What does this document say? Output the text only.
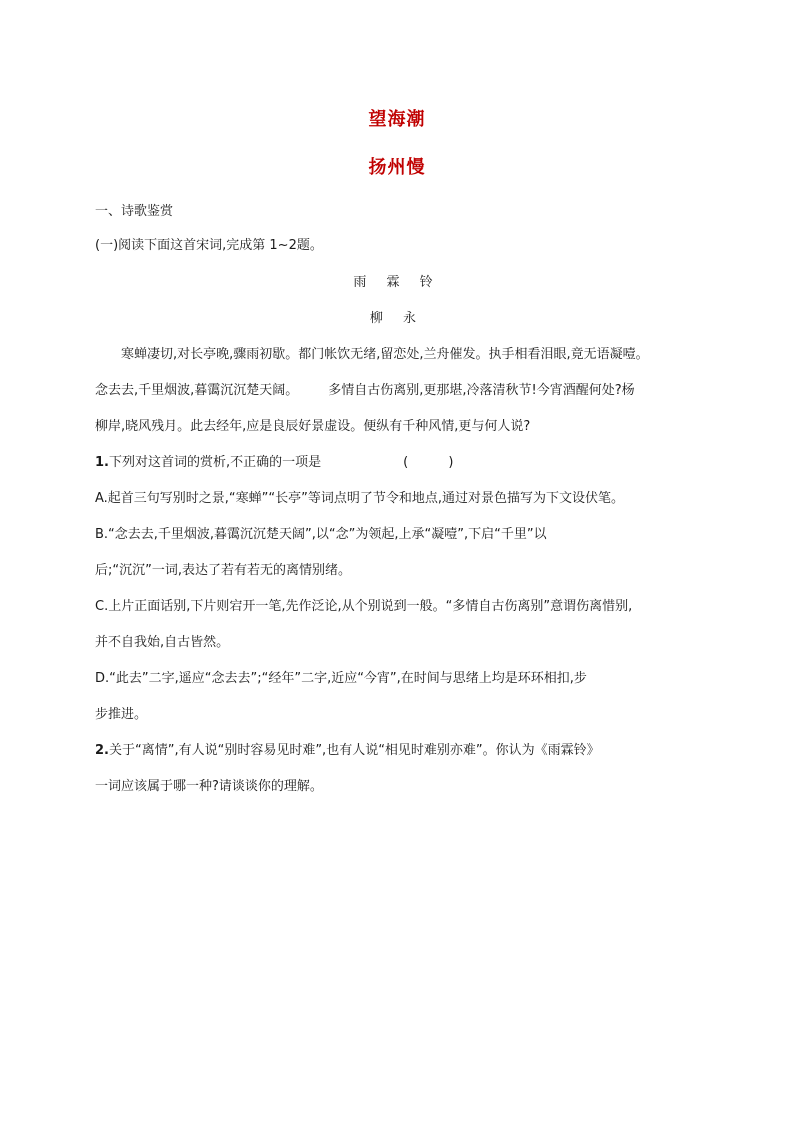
望海潮
扬州慢
一、诗歌鉴赏
(一)阅读下面这首宋词,完成第 1~2题。
雨 霖 铃
柳 永
寒蝉凄切,对长亭晚,骤雨初歇。都门帐饮无绪,留恋处,兰舟催发。执手相看泪眼,竟无语凝噎。
念去去,千里烟波,暮霭沉沉楚天阔。 多情自古伤离别,更那堪,冷落清秋节!今宵酒醒何处?杨
柳岸,晓风残月。此去经年,应是良辰好景虚设。便纵有千种风情,更与何人说?
1.下列对这首词的赏析,不正确的一项是	( )
A.起首三句写别时之景,“寒蝉”“长亭”等词点明了节令和地点,通过对景色描写为下文设伏笔。
B.“念去去,千里烟波,暮霭沉沉楚天阔”,以“念”为领起,上承“凝噎”,下启“千里”以
后;“沉沉”一词,表达了若有若无的离情别绪。
C.上片正面话别,下片则宕开一笔,先作泛论,从个别说到一般。“多情自古伤离别”意谓伤离惜别,
并不自我始,自古皆然。
D.“此去”二字,遥应“念去去”;“经年”二字,近应“今宵”,在时间与思绪上均是环环相扣,步
步推进。
2.关于“离情”,有人说“别时容易见时难”,也有人说“相见时难别亦难”。你认为《雨霖铃》
一词应该属于哪一种?请谈谈你的理解。
